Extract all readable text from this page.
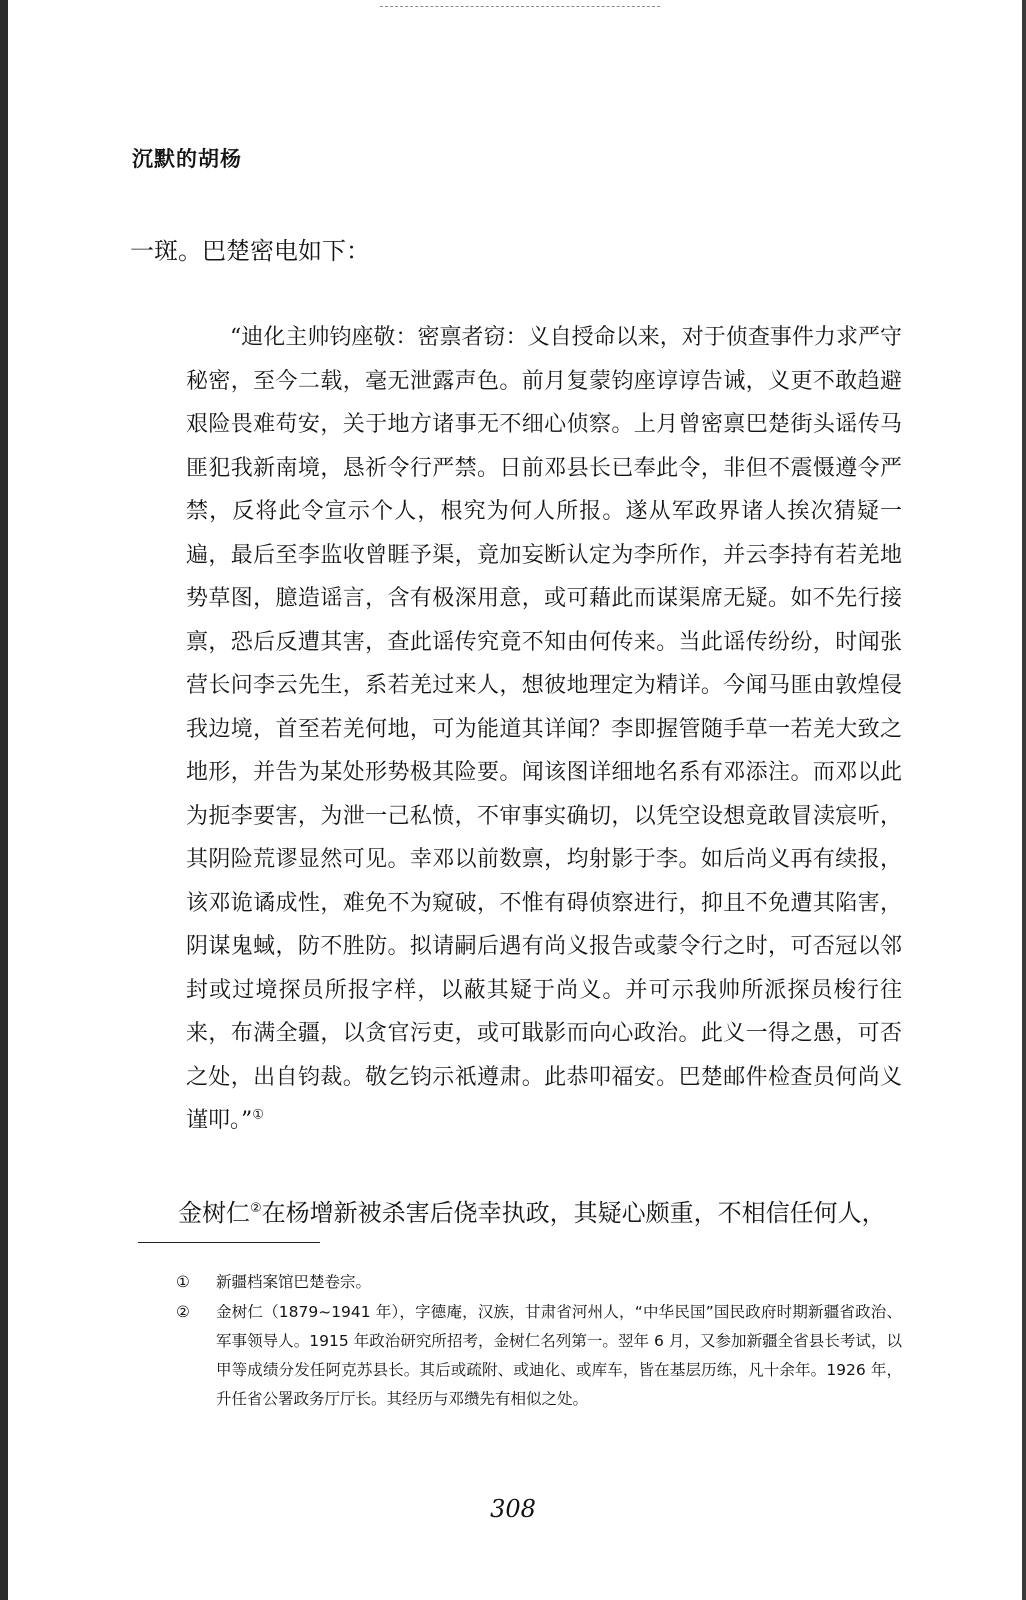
沉默的胡杨

一斑。巴楚密电如下：

“迪化主帅钧座敬：密禀者窃：义自授命以来，对于侦查事件力求严守秘密，至今二载，毫无泄露声色。前月复蒙钧座谆谆告诫，义更不敢趋避艰险畏难苟安，关于地方诸事无不细心侦察。上月曾密禀巴楚街头谣传马匪犯我新南境，恳祈令行严禁。日前邓县长已奉此令，非但不震慑遵令严禁，反将此令宣示个人，根究为何人所报。遂从军政界诸人挨次猜疑一遍，最后至李监收曾睚予渠，竟加妄断认定为李所作，并云李持有若羌地势草图，臆造谣言，含有极深用意，或可藉此而谋渠席无疑。如不先行接禀，恐后反遭其害，查此谣传究竟不知由何传来。当此谣传纷纷，时闻张营长问李云先生，系若羌过来人，想彼地理定为精详。今闻马匪由敦煌侵我边境，首至若羌何地，可为能道其详闻？李即握管随手草一若羌大致之地形，并告为某处形势极其险要。闻该图详细地名系有邓添注。而邓以此为扼李要害，为泄一己私愤，不审事实确切，以凭空设想竟敢冒渎宸听，其阴险荒谬显然可见。幸邓以前数禀，均射影于李。如后尚义再有续报，该邓诡谲成性，难免不为窥破，不惟有碍侦察进行，抑且不免遭其陷害，阴谋鬼蜮，防不胜防。拟请嗣后遇有尚义报告或蒙令行之时，可否冠以邻封或过境探员所报字样，以蔽其疑于尚义。并可示我帅所派探员梭行往来，布满全疆，以贪官污吏，或可戢影而向心政治。此义一得之愚，可否之处，出自钧裁。敬乞钧示祇遵肃。此恭叩福安。巴楚邮件检查员何尚义谨叩。”①

金树仁②在杨增新被杀害后侥幸执政，其疑心颇重，不相信任何人，

① 新疆档案馆巴楚卷宗。

② 金树仁（1879~1941 年），字德庵，汉族，甘肃省河州人，“中华民国”国民政府时期新疆省政治、军事领导人。1915 年政治研究所招考，金树仁名列第一。翌年 6 月，又参加新疆全省县长考试，以甲等成绩分发任阿克苏县长。其后或疏附、或迪化、或库车，皆在基层历练，凡十余年。1926 年，升任省公署政务厅厅长。其经历与邓缵先有相似之处。

308
